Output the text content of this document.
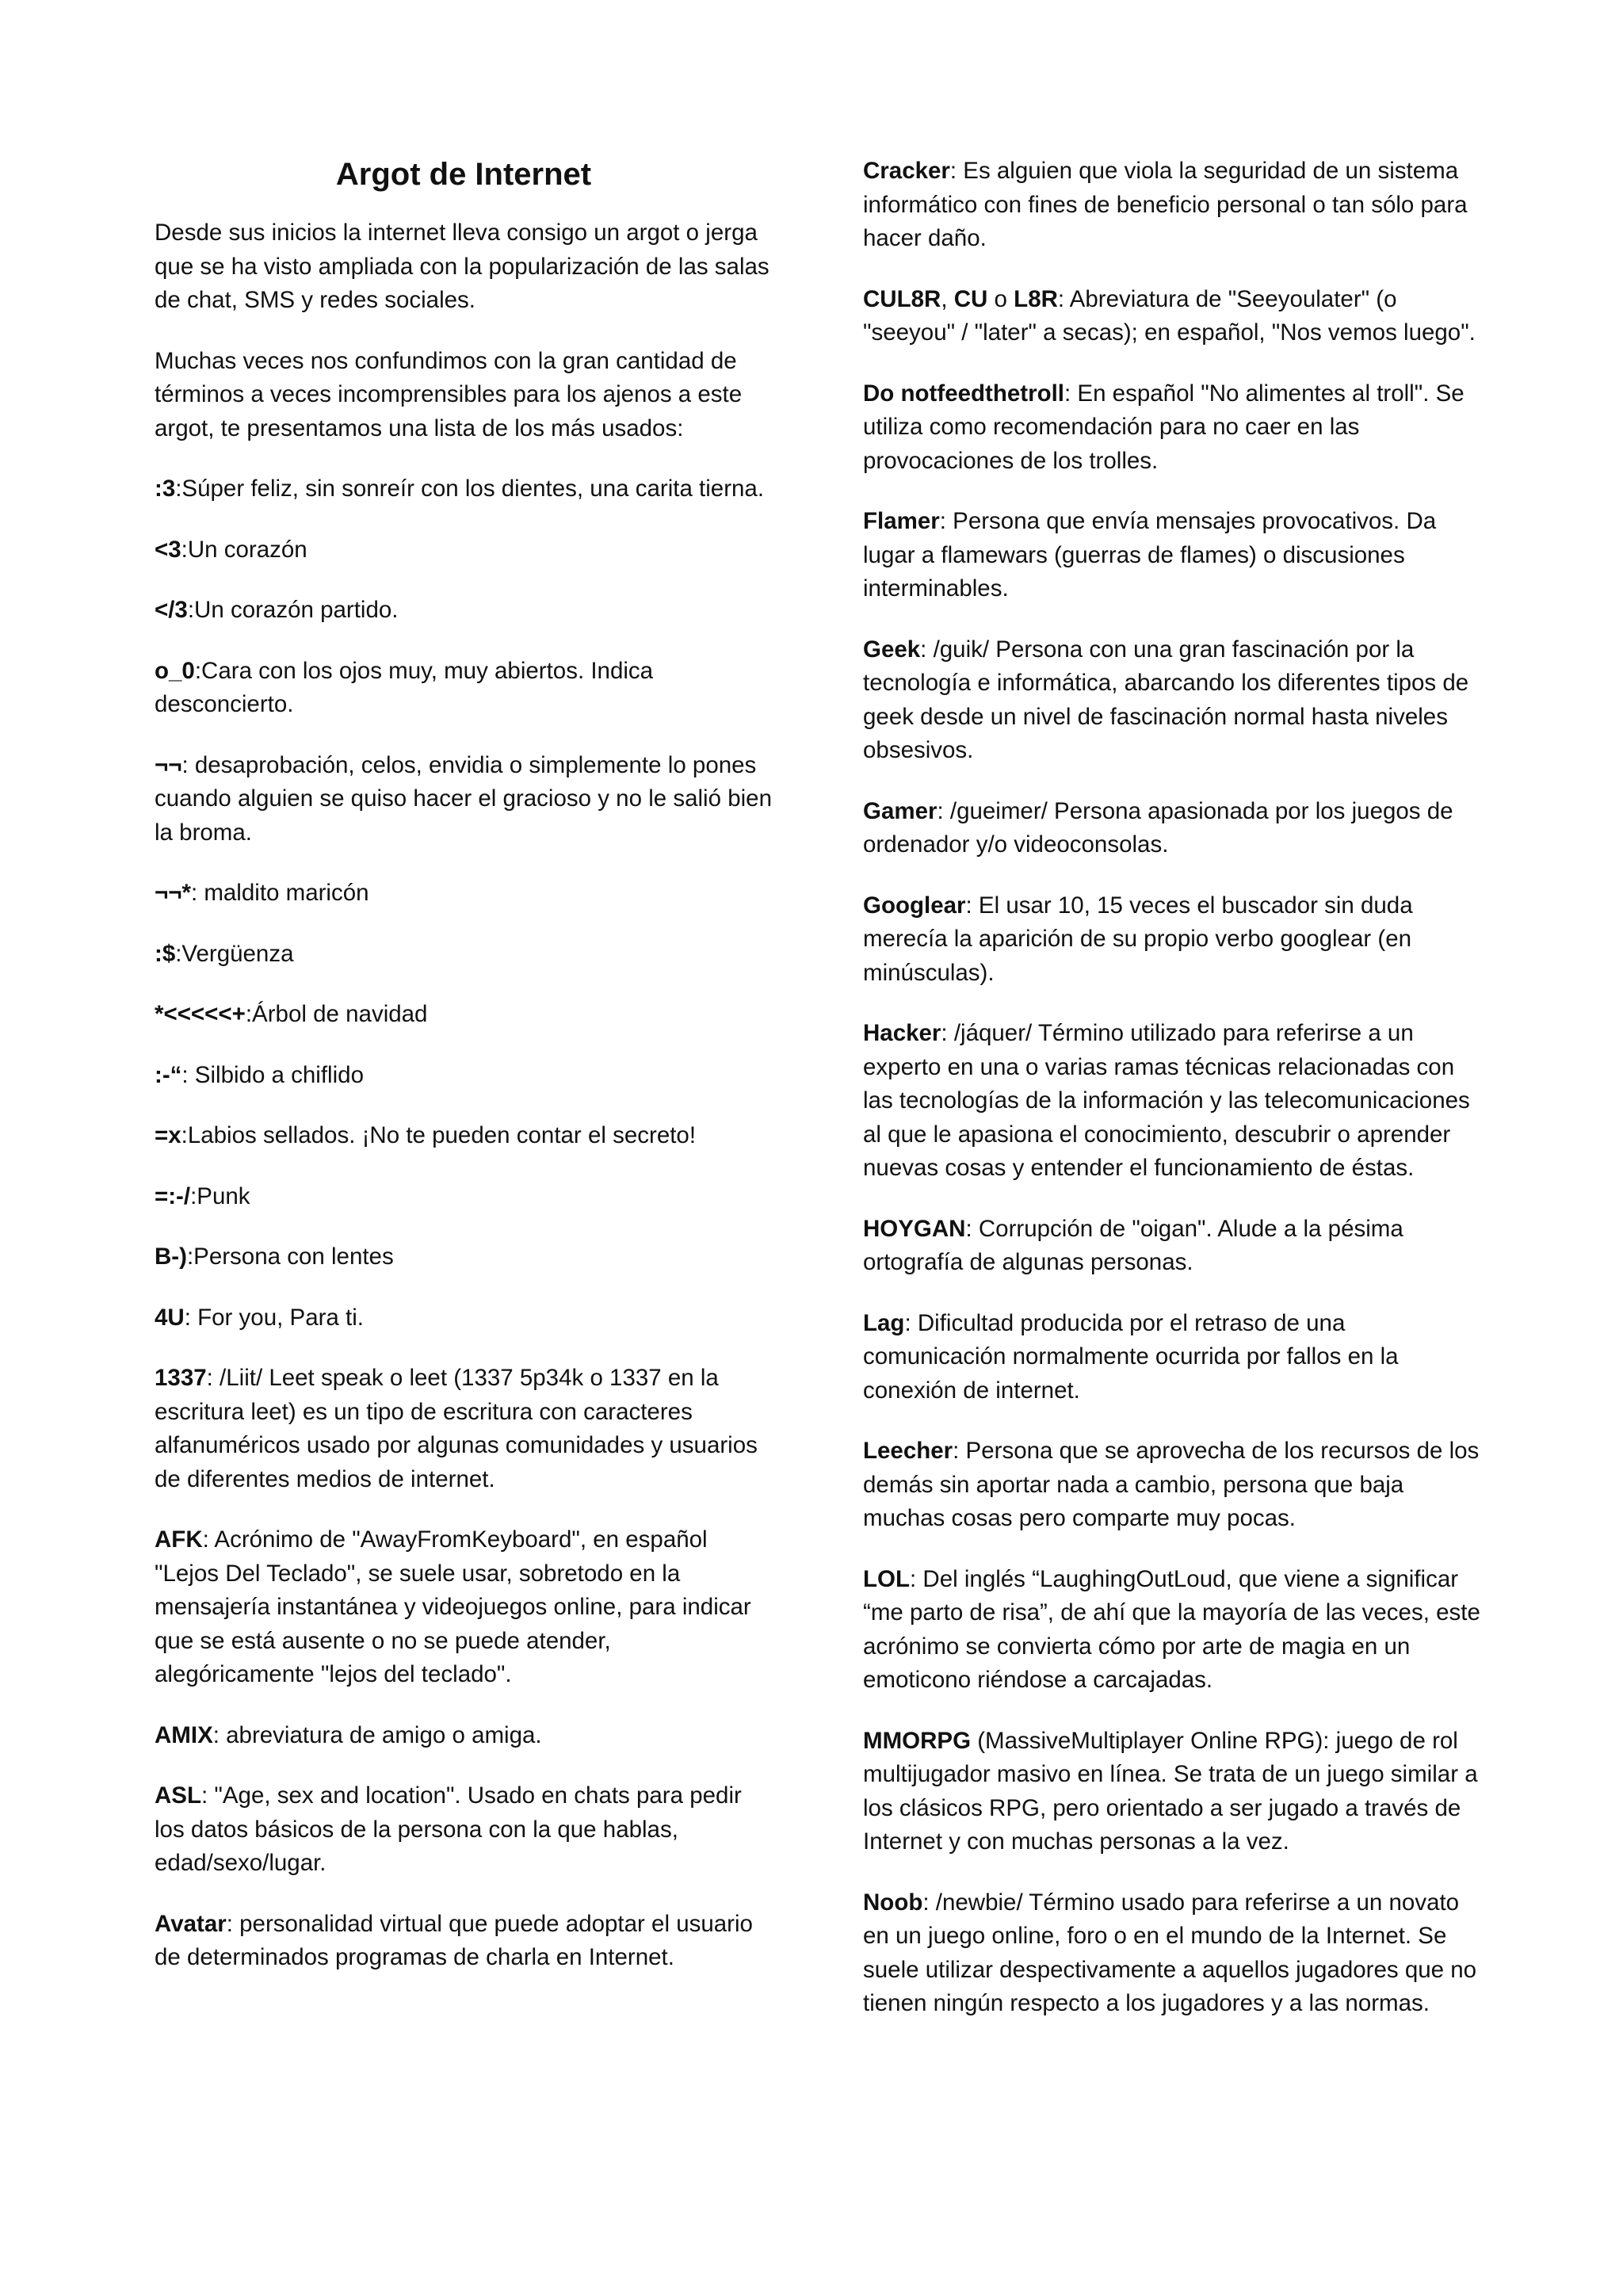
Argot de Internet

Desde sus inicios la internet lleva consigo un argot o jerga que se ha visto ampliada con la popularización de las salas de chat, SMS y redes sociales.

Muchas veces nos confundimos con la gran cantidad de términos a veces incomprensibles para los ajenos a este argot, te presentamos una lista de los más usados:

:3:Súper feliz, sin sonreír con los dientes, una carita tierna.

<3:Un corazón

</3:Un corazón partido.

o_0:Cara con los ojos muy, muy abiertos. Indica desconcierto.

¬¬: desaprobación, celos, envidia o simplemente lo pones cuando alguien se quiso hacer el gracioso y no le salió bien la broma.

¬¬*: maldito maricón

:$:Vergüenza

*<<<<<+:Árbol de navidad

:-“: Silbido a chiflido

=x:Labios sellados. ¡No te pueden contar el secreto!

=:-/:Punk

B-):Persona con lentes

4U: For you, Para ti.

1337: /Liit/ Leet speak o leet (1337 5p34k o 1337 en la escritura leet) es un tipo de escritura con caracteres alfanuméricos usado por algunas comunidades y usuarios de diferentes medios de internet.

AFK: Acrónimo de "AwayFromKeyboard", en español "Lejos Del Teclado", se suele usar, sobretodo en la mensajería instantánea y videojuegos online, para indicar que se está ausente o no se puede atender, alegóricamente "lejos del teclado".

AMIX: abreviatura de amigo o amiga.

ASL: "Age, sex and location". Usado en chats para pedir los datos básicos de la persona con la que hablas, edad/sexo/lugar.

Avatar: personalidad virtual que puede adoptar el usuario de determinados programas de charla en Internet.

Cracker: Es alguien que viola la seguridad de un sistema informático con fines de beneficio personal o tan sólo para hacer daño.

CUL8R, CU o L8R: Abreviatura de "Seeyoulater" (o "seeyou" / "later" a secas); en español, "Nos vemos luego".

Do notfeedthetroll: En español "No alimentes al troll". Se utiliza como recomendación para no caer en las provocaciones de los trolles.

Flamer: Persona que envía mensajes provocativos. Da lugar a flamewars (guerras de flames) o discusiones interminables.

Geek: /guik/ Persona con una gran fascinación por la tecnología e informática, abarcando los diferentes tipos de geek desde un nivel de fascinación normal hasta niveles obsesivos.

Gamer: /gueimer/ Persona apasionada por los juegos de ordenador y/o videoconsolas.

Googlear: El usar 10, 15 veces el buscador sin duda merecía la aparición de su propio verbo googlear (en minúsculas).

Hacker: /jáquer/ Término utilizado para referirse a un experto en una o varias ramas técnicas relacionadas con las tecnologías de la información y las telecomunicaciones al que le apasiona el conocimiento, descubrir o aprender nuevas cosas y entender el funcionamiento de éstas.

HOYGAN: Corrupción de "oigan". Alude a la pésima ortografía de algunas personas.

Lag: Dificultad producida por el retraso de una comunicación normalmente ocurrida por fallos en la conexión de internet.

Leecher: Persona que se aprovecha de los recursos de los demás sin aportar nada a cambio, persona que baja muchas cosas pero comparte muy pocas.

LOL: Del inglés “LaughingOutLoud, que viene a significar “me parto de risa”, de ahí que la mayoría de las veces, este acrónimo se convierta cómo por arte de magia en un emoticono riéndose a carcajadas.

MMORPG (MassiveMultiplayer Online RPG): juego de rol multijugador masivo en línea. Se trata de un juego similar a los clásicos RPG, pero orientado a ser jugado a través de Internet y con muchas personas a la vez.

Noob: /newbie/ Término usado para referirse a un novato en un juego online, foro o en el mundo de la Internet. Se suele utilizar despectivamente a aquellos jugadores que no tienen ningún respecto a los jugadores y a las normas.
